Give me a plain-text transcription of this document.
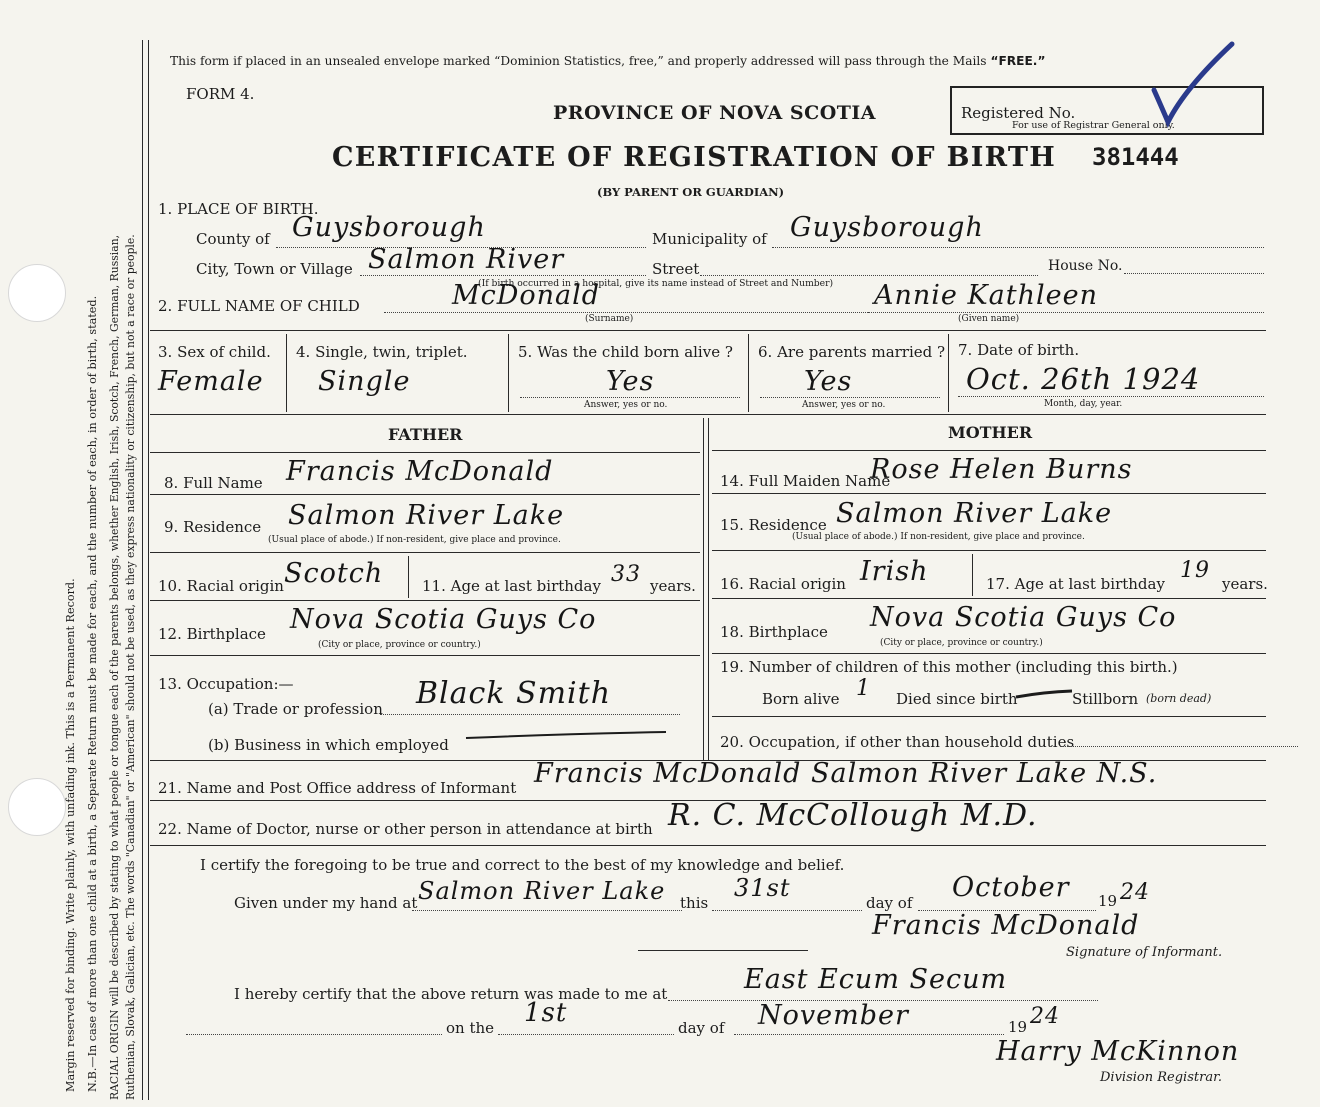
Margin reserved for binding. Write plainly, with unfading ink. This is a Permanent Record. N.B.—In case of more than one child at a birth, a Separate Return must be made for each, and the number of each, in order of birth, stated. RACIAL ORIGIN will be described by stating to what people or tongue each of the parents belongs, whether English, Irish, Scotch, French, German, Russian, Ruthenian, Slovak, Galician, etc. The words "Canadian" or "American" should not be used, as they express nationality or citizenship, but not a race or people.
This form if placed in an unsealed envelope marked “Dominion Statistics, free,” and properly addressed will pass through the Mails “FREE.”
FORM 4.
PROVINCE OF NOVA SCOTIA
CERTIFICATE OF REGISTRATION OF BIRTH 381444
(BY PARENT OR GUARDIAN)
Registered No.
For use of Registrar General only.
1. PLACE OF BIRTH.
County of Guysborough	Municipality of Guysborough
City, Town or Village Salmon River	Street	House No.
(If birth occurred in a hospital, give its name instead of Street and Number)
2. FULL NAME OF CHILD	McDonald
(Surname)
Annie Kathleen
(Given name)
3. Sex of child.
Female
4. Single, twin, triplet.
Single
5. Was the child born alive ?
Yes
Answer, yes or no.
6. Are parents married ?
Yes
Answer, yes or no.
7. Date of birth.
Oct. 26th 1924
Month, day, year.
FATHER	MOTHER
8. Full Name Francis McDonald
9. Residence Salmon River Lake
(Usual place of abode.) If non-resident, give place and province.
10. Racial origin Scotch	11. Age at last birthday 33 years.
12. Birthplace Nova Scotia Guys Co
(City or place, province or country.)
13. Occupation:—
(a) Trade or profession Black Smith
(b) Business in which employed
14. Full Maiden Name
Rose Helen Burns
15. Residence Salmon River Lake
(Usual place of abode.) If non-resident, give place and province.
16. Racial origin Irish	17. Age at last birthday
19
years.
18. Birthplace Nova Scotia Guys Co
(City or place, province or country.)
19. Number of children of this mother (including this birth.)
Born alive 1 Died since birth	Stillborn (born dead)
20. Occupation, if other than household duties
21. Name and Post Office address of Informant Francis McDonald Salmon River Lake N.S.
22. Name of Doctor, nurse or other person in attendance at birth R. C. McCollough M.D.
I certify the foregoing to be true and correct to the best of my knowledge and belief.
Given under my hand at Salmon River Lake this
31st
day of October 19 24
Francis McDonald
Signature of Informant.
I hereby certify that the above return was made to me at	East Ecum Secum
on the 1st	day of November	19 24
Harry McKinnon
Division Registrar.
